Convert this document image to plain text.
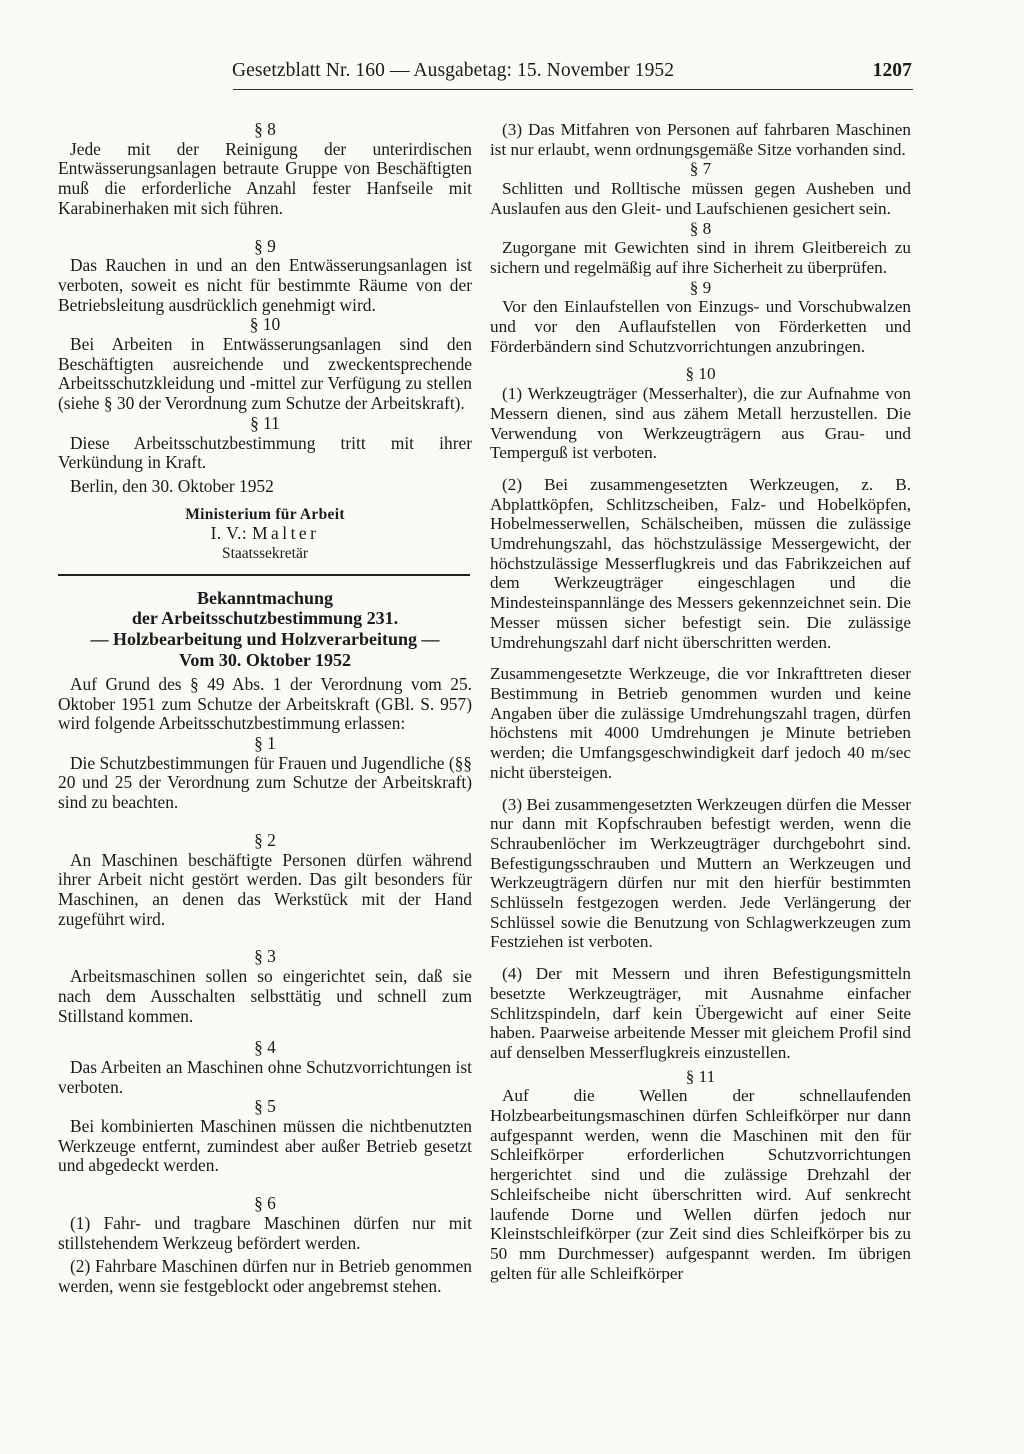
Gesetzblatt Nr. 160 — Ausgabetag: 15. November 1952	1207

§ 8

Jede mit der Reinigung der unterirdischen Entwässerungsanlagen betraute Gruppe von Beschäftigten muß die erforderliche Anzahl fester Hanfseile mit Karabinerhaken mit sich führen.

§ 9

Das Rauchen in und an den Entwässerungsanlagen ist verboten, soweit es nicht für bestimmte Räume von der Betriebsleitung ausdrücklich genehmigt wird.

§ 10

Bei Arbeiten in Entwässerungsanlagen sind den Beschäftigten ausreichende und zweckentsprechende Arbeitsschutzkleidung und -mittel zur Verfügung zu stellen (siehe § 30 der Verordnung zum Schutze der Arbeitskraft).

§ 11

Diese Arbeitsschutzbestimmung tritt mit ihrer Verkündung in Kraft.

Berlin, den 30. Oktober 1952

Ministerium für Arbeit

I. V.: Malter

Staatssekretär

Bekanntmachung

der Arbeitsschutzbestimmung 231.

— Holzbearbeitung und Holzverarbeitung —

Vom 30. Oktober 1952

Auf Grund des § 49 Abs. 1 der Verordnung vom 25. Oktober 1951 zum Schutze der Arbeitskraft (GBl. S. 957) wird folgende Arbeitsschutzbestimmung erlassen:

§ 1

Die Schutzbestimmungen für Frauen und Jugendliche (§§ 20 und 25 der Verordnung zum Schutze der Arbeitskraft) sind zu beachten.

§ 2

An Maschinen beschäftigte Personen dürfen während ihrer Arbeit nicht gestört werden. Das gilt besonders für Maschinen, an denen das Werkstück mit der Hand zugeführt wird.

§ 3

Arbeitsmaschinen sollen so eingerichtet sein, daß sie nach dem Ausschalten selbsttätig und schnell zum Stillstand kommen.

§ 4

Das Arbeiten an Maschinen ohne Schutzvorrichtungen ist verboten.

§ 5

Bei kombinierten Maschinen müssen die nichtbenutzten Werkzeuge entfernt, zumindest aber außer Betrieb gesetzt und abgedeckt werden.

§ 6

(1) Fahr- und tragbare Maschinen dürfen nur mit stillstehendem Werkzeug befördert werden.

(2) Fahrbare Maschinen dürfen nur in Betrieb genommen werden, wenn sie festgeblockt oder angebremst stehen.

(3) Das Mitfahren von Personen auf fahrbaren Maschinen ist nur erlaubt, wenn ordnungsgemäße Sitze vorhanden sind.

§ 7

Schlitten und Rolltische müssen gegen Ausheben und Auslaufen aus den Gleit- und Laufschienen gesichert sein.

§ 8

Zugorgane mit Gewichten sind in ihrem Gleitbereich zu sichern und regelmäßig auf ihre Sicherheit zu überprüfen.

§ 9

Vor den Einlaufstellen von Einzugs- und Vorschubwalzen und vor den Auflaufstellen von Förderketten und Förderbändern sind Schutzvorrichtungen anzubringen.

§ 10

(1) Werkzeugträger (Messerhalter), die zur Aufnahme von Messern dienen, sind aus zähem Metall herzustellen. Die Verwendung von Werkzeugträgern aus Grau- und Temperguß ist verboten.

(2) Bei zusammengesetzten Werkzeugen, z. B. Abplattköpfen, Schlitzscheiben, Falz- und Hobelköpfen, Hobelmesserwellen, Schälscheiben, müssen die zulässige Umdrehungszahl, das höchstzulässige Messergewicht, der höchstzulässige Messerflugkreis und das Fabrikzeichen auf dem Werkzeugträger eingeschlagen und die Mindesteinspannlänge des Messers gekennzeichnet sein. Die Messer müssen sicher befestigt sein. Die zulässige Umdrehungszahl darf nicht überschritten werden.

Zusammengesetzte Werkzeuge, die vor Inkrafttreten dieser Bestimmung in Betrieb genommen wurden und keine Angaben über die zulässige Umdrehungszahl tragen, dürfen höchstens mit 4000 Umdrehungen je Minute betrieben werden; die Umfangsgeschwindigkeit darf jedoch 40 m/sec nicht übersteigen.

(3) Bei zusammengesetzten Werkzeugen dürfen die Messer nur dann mit Kopfschrauben befestigt werden, wenn die Schraubenlöcher im Werkzeugträger durchgebohrt sind. Befestigungsschrauben und Muttern an Werkzeugen und Werkzeugträgern dürfen nur mit den hierfür bestimmten Schlüsseln festgezogen werden. Jede Verlängerung der Schlüssel sowie die Benutzung von Schlagwerkzeugen zum Festziehen ist verboten.

(4) Der mit Messern und ihren Befestigungsmitteln besetzte Werkzeugträger, mit Ausnahme einfacher Schlitzspindeln, darf kein Übergewicht auf einer Seite haben. Paarweise arbeitende Messer mit gleichem Profil sind auf denselben Messerflugkreis einzustellen.

§ 11

Auf die Wellen der schnellaufenden Holzbearbeitungsmaschinen dürfen Schleifkörper nur dann aufgespannt werden, wenn die Maschinen mit den für Schleifkörper erforderlichen Schutzvorrichtungen hergerichtet sind und die zulässige Drehzahl der Schleifscheibe nicht überschritten wird. Auf senkrecht laufende Dorne und Wellen dürfen jedoch nur Kleinstschleifkörper (zur Zeit sind dies Schleifkörper bis zu 50 mm Durchmesser) aufgespannt werden. Im übrigen gelten für alle Schleifkörper
